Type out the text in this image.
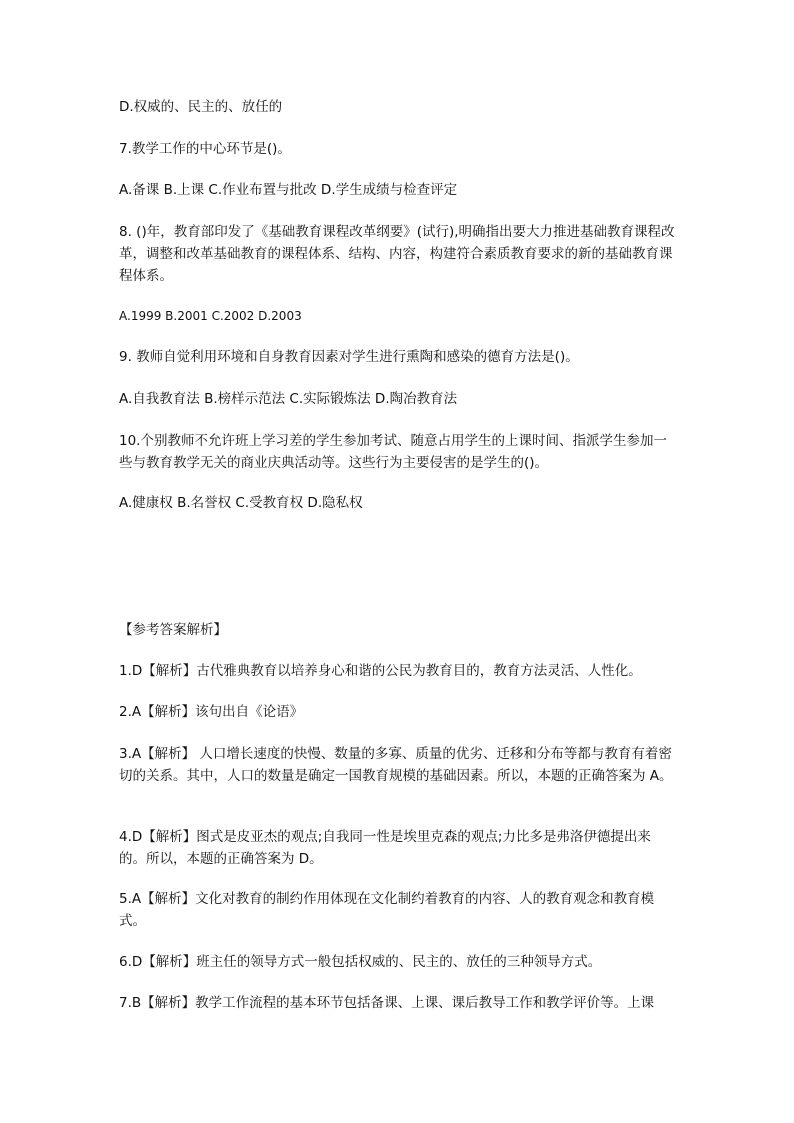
D.权威的、民主的、放任的
7.教学工作的中心环节是()。
A.备课 B.上课 C.作业布置与批改 D.学生成绩与检查评定
8. ()年，教育部印发了《基础教育课程改革纲要》(试行),明确指出要大力推进基础教育课程改革，调整和改革基础教育的课程体系、结构、内容，构建符合素质教育要求的新的基础教育课程体系。
A.1999 B.2001 C.2002 D.2003
9. 教师自觉利用环境和自身教育因素对学生进行熏陶和感染的德育方法是()。
A.自我教育法 B.榜样示范法 C.实际锻炼法 D.陶冶教育法
10.个别教师不允许班上学习差的学生参加考试、随意占用学生的上课时间、指派学生参加一些与教育教学无关的商业庆典活动等。这些行为主要侵害的是学生的()。
A.健康权 B.名誉权 C.受教育权 D.隐私权
【参考答案解析】
1.D【解析】古代雅典教育以培养身心和谐的公民为教育目的，教育方法灵活、人性化。
2.A【解析】该句出自《论语》
3.A【解析】 人口增长速度的快慢、数量的多寡、质量的优劣、迁移和分布等都与教育有着密切的关系。其中，人口的数量是确定一国教育规模的基础因素。所以，本题的正确答案为 A。
4.D【解析】图式是皮亚杰的观点;自我同一性是埃里克森的观点;力比多是弗洛伊德提出来的。所以，本题的正确答案为 D。
5.A【解析】文化对教育的制约作用体现在文化制约着教育的内容、人的教育观念和教育模式。
6.D【解析】班主任的领导方式一般包括权威的、民主的、放任的三种领导方式。
7.B【解析】教学工作流程的基本环节包括备课、上课、课后教导工作和教学评价等。上课
